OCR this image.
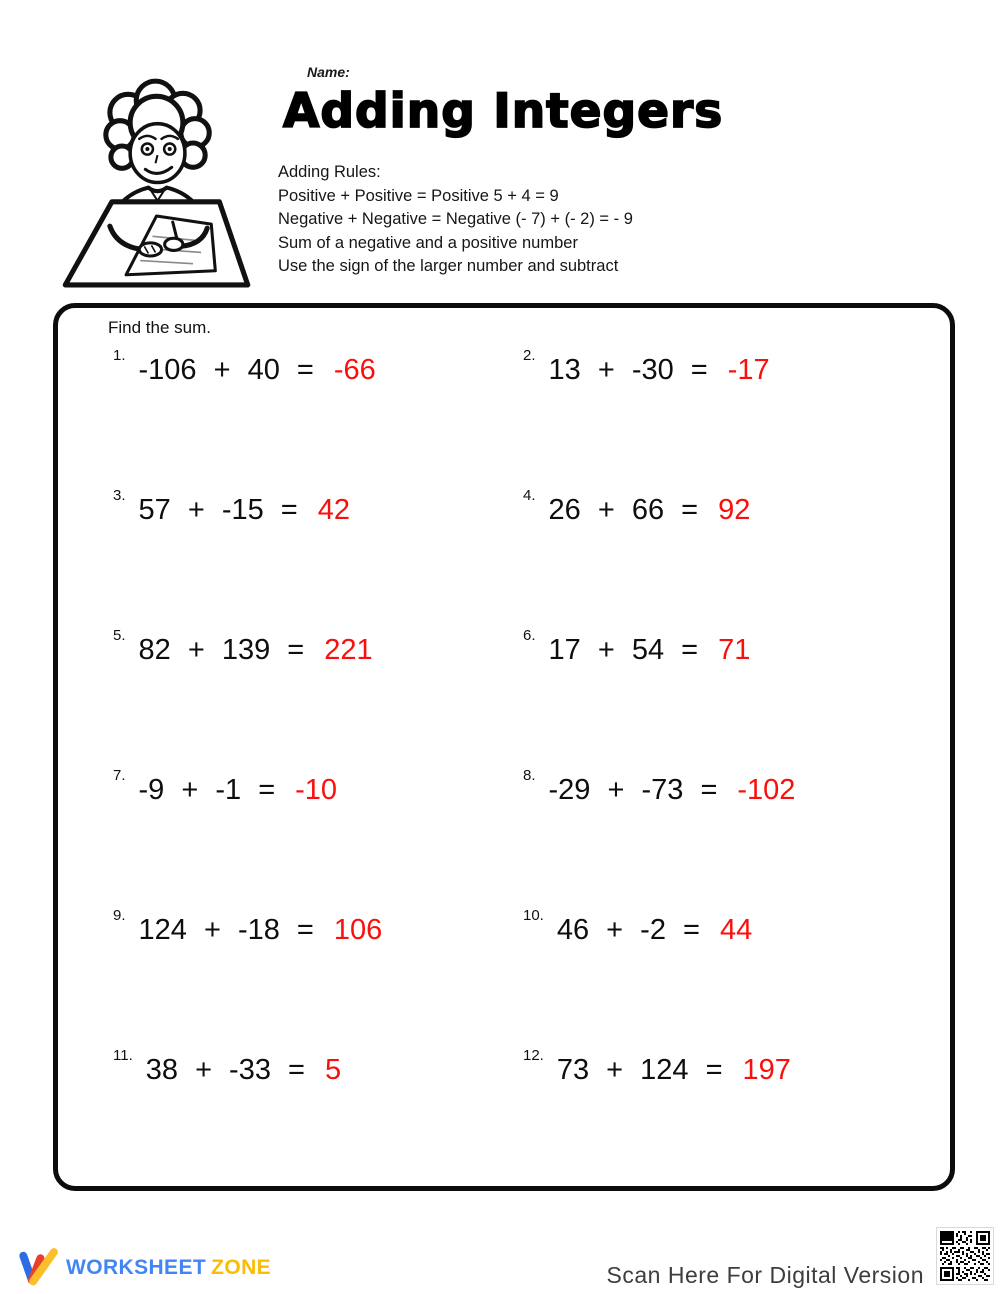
Name:
Adding Integers
Adding Rules:
Positive + Positive = Positive 5 + 4 = 9
Negative + Negative = Negative (- 7) + (- 2) = - 9
Sum of a negative and a positive number
Use the sign of the larger number and subtract
Find the sum.
1. -106 + 40 = -66	2. 13 + -30 = -17
3. 57 + -15 = 42	4. 26 + 66 = 92
5. 82 + 139 = 221	6. 17 + 54 = 71
7. -9 + -1 = -10	8. -29 + -73 = -102
9. 124 + -18 = 106	10. 46 + -2 = 44
11. 38 + -33 = 5	12. 73 + 124 = 197
WORKSHEET ZONE	Scan Here For Digital Version
